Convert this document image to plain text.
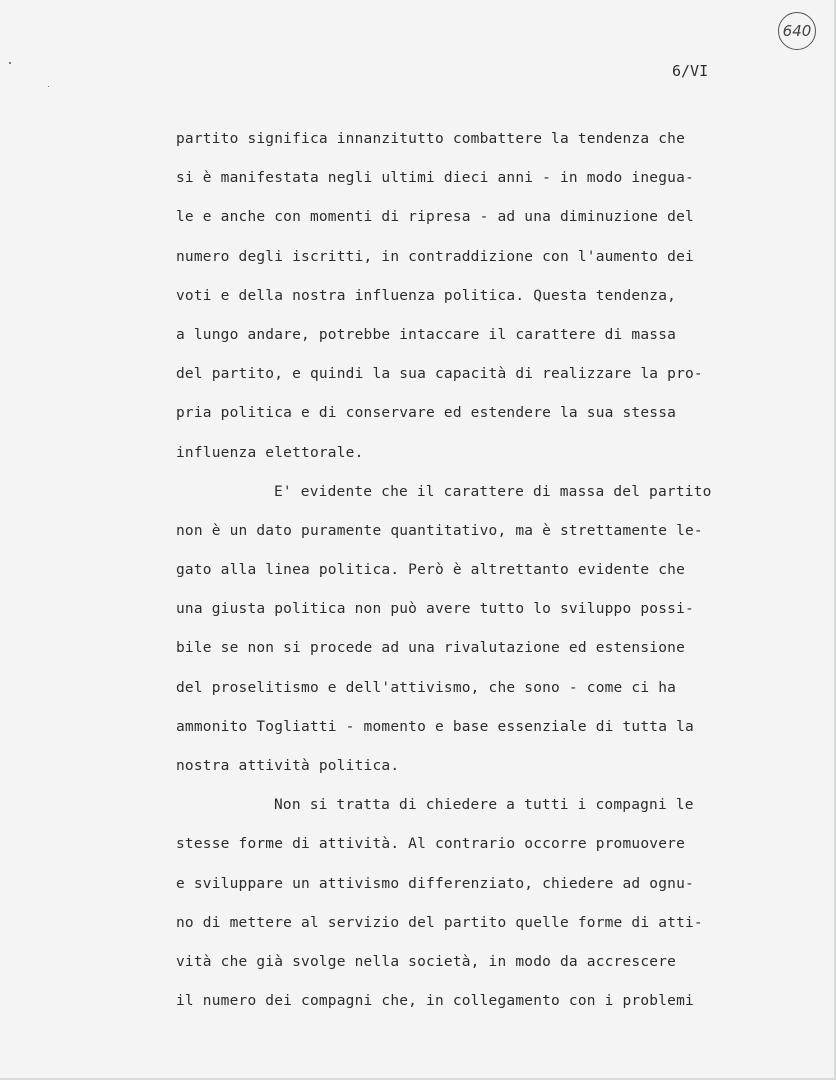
640
6/VI
partito significa innanzitutto combattere la tendenza che
si è manifestata negli ultimi dieci anni - in modo inegua-
le e anche con momenti di ripresa - ad una diminuzione del
numero degli iscritti, in contraddizione con l'aumento dei
voti e della nostra influenza politica. Questa tendenza,
a lungo andare, potrebbe intaccare il carattere di massa
del partito, e quindi la sua capacità di realizzare la pro-
pria politica e di conservare ed estendere la sua stessa
influenza elettorale.
E' evidente che il carattere di massa del partito
non è un dato puramente quantitativo, ma è strettamente le-
gato alla linea politica. Però è altrettanto evidente che
una giusta politica non può avere tutto lo sviluppo possi-
bile se non si procede ad una rivalutazione ed estensione
del proselitismo e dell'attivismo, che sono - come ci ha
ammonito Togliatti - momento e base essenziale di tutta la
nostra attività politica.
Non si tratta di chiedere a tutti i compagni le
stesse forme di attività. Al contrario occorre promuovere
e sviluppare un attivismo differenziato, chiedere ad ognu-
no di mettere al servizio del partito quelle forme di atti-
vità che già svolge nella società, in modo da accrescere
il numero dei compagni che, in collegamento con i problemi
